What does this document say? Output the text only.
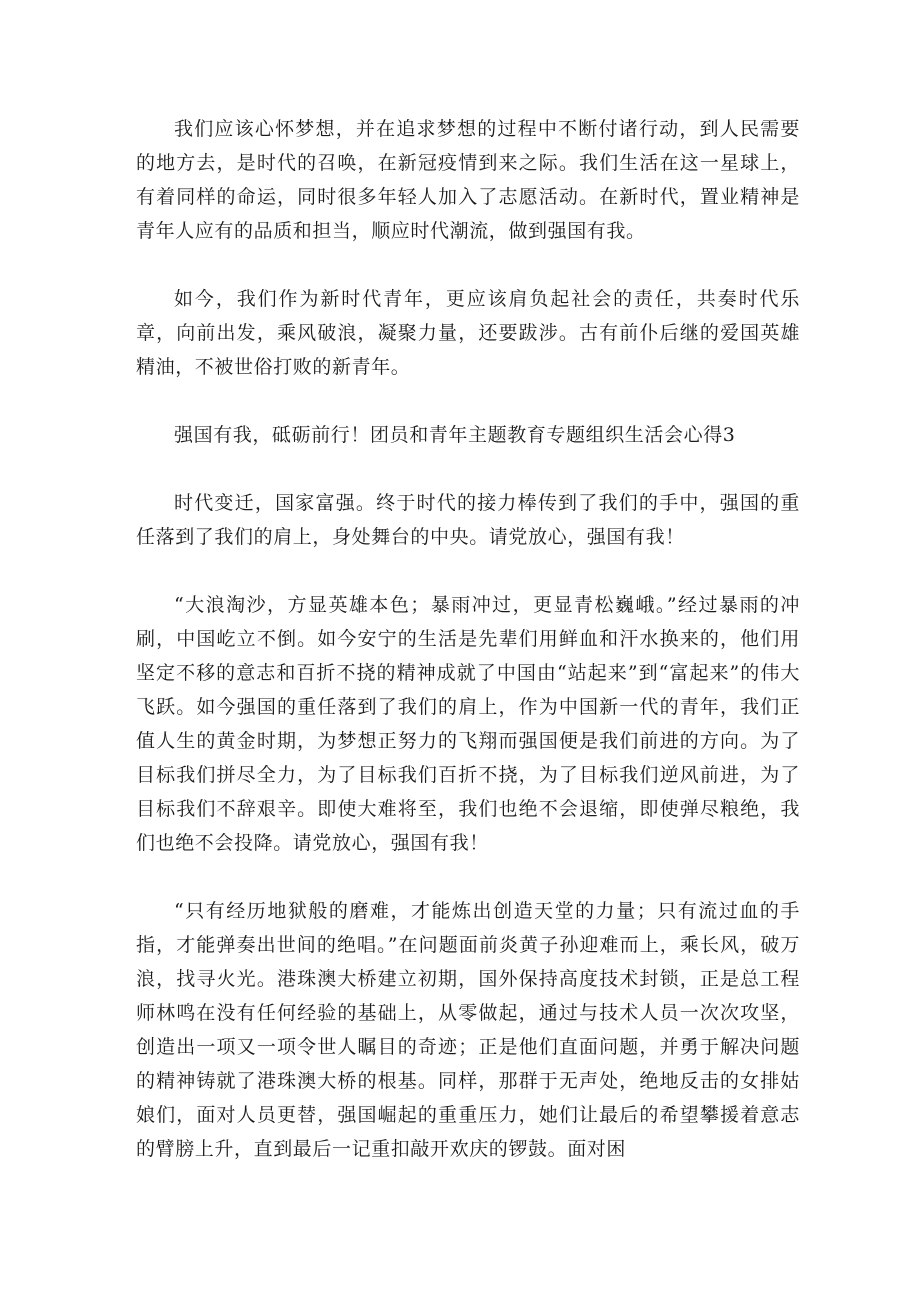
我们应该心怀梦想，并在追求梦想的过程中不断付诸行动，到人民需要的地方去，是时代的召唤，在新冠疫情到来之际。我们生活在这一星球上，有着同样的命运，同时很多年轻人加入了志愿活动。在新时代，置业精神是青年人应有的品质和担当，顺应时代潮流，做到强国有我。

如今，我们作为新时代青年，更应该肩负起社会的责任，共奏时代乐章，向前出发，乘风破浪，凝聚力量，还要跋涉。古有前仆后继的爱国英雄精油，不被世俗打败的新青年。

强国有我，砥砺前行！团员和青年主题教育专题组织生活会心得3

时代变迁，国家富强。终于时代的接力棒传到了我们的手中，强国的重任落到了我们的肩上，身处舞台的中央。请党放心，强国有我！

“大浪淘沙，方显英雄本色；暴雨冲过，更显青松巍峨。”经过暴雨的冲刷，中国屹立不倒。如今安宁的生活是先辈们用鲜血和汗水换来的，他们用坚定不移的意志和百折不挠的精神成就了中国由“站起来”到“富起来”的伟大飞跃。如今强国的重任落到了我们的肩上，作为中国新一代的青年，我们正值人生的黄金时期，为梦想正努力的飞翔而强国便是我们前进的方向。为了目标我们拼尽全力，为了目标我们百折不挠，为了目标我们逆风前进，为了目标我们不辞艰辛。即使大难将至，我们也绝不会退缩，即使弹尽粮绝，我们也绝不会投降。请党放心，强国有我！

“只有经历地狱般的磨难，才能炼出创造天堂的力量；只有流过血的手指，才能弹奏出世间的绝唱。”在问题面前炎黄子孙迎难而上，乘长风，破万浪，找寻火光。港珠澳大桥建立初期，国外保持高度技术封锁，正是总工程师林鸣在没有任何经验的基础上，从零做起，通过与技术人员一次次攻坚，创造出一项又一项令世人瞩目的奇迹；正是他们直面问题，并勇于解决问题的精神铸就了港珠澳大桥的根基。同样，那群于无声处，绝地反击的女排姑娘们，面对人员更替，强国崛起的重重压力，她们让最后的希望攀援着意志的臂膀上升，直到最后一记重扣敲开欢庆的锣鼓。面对困
